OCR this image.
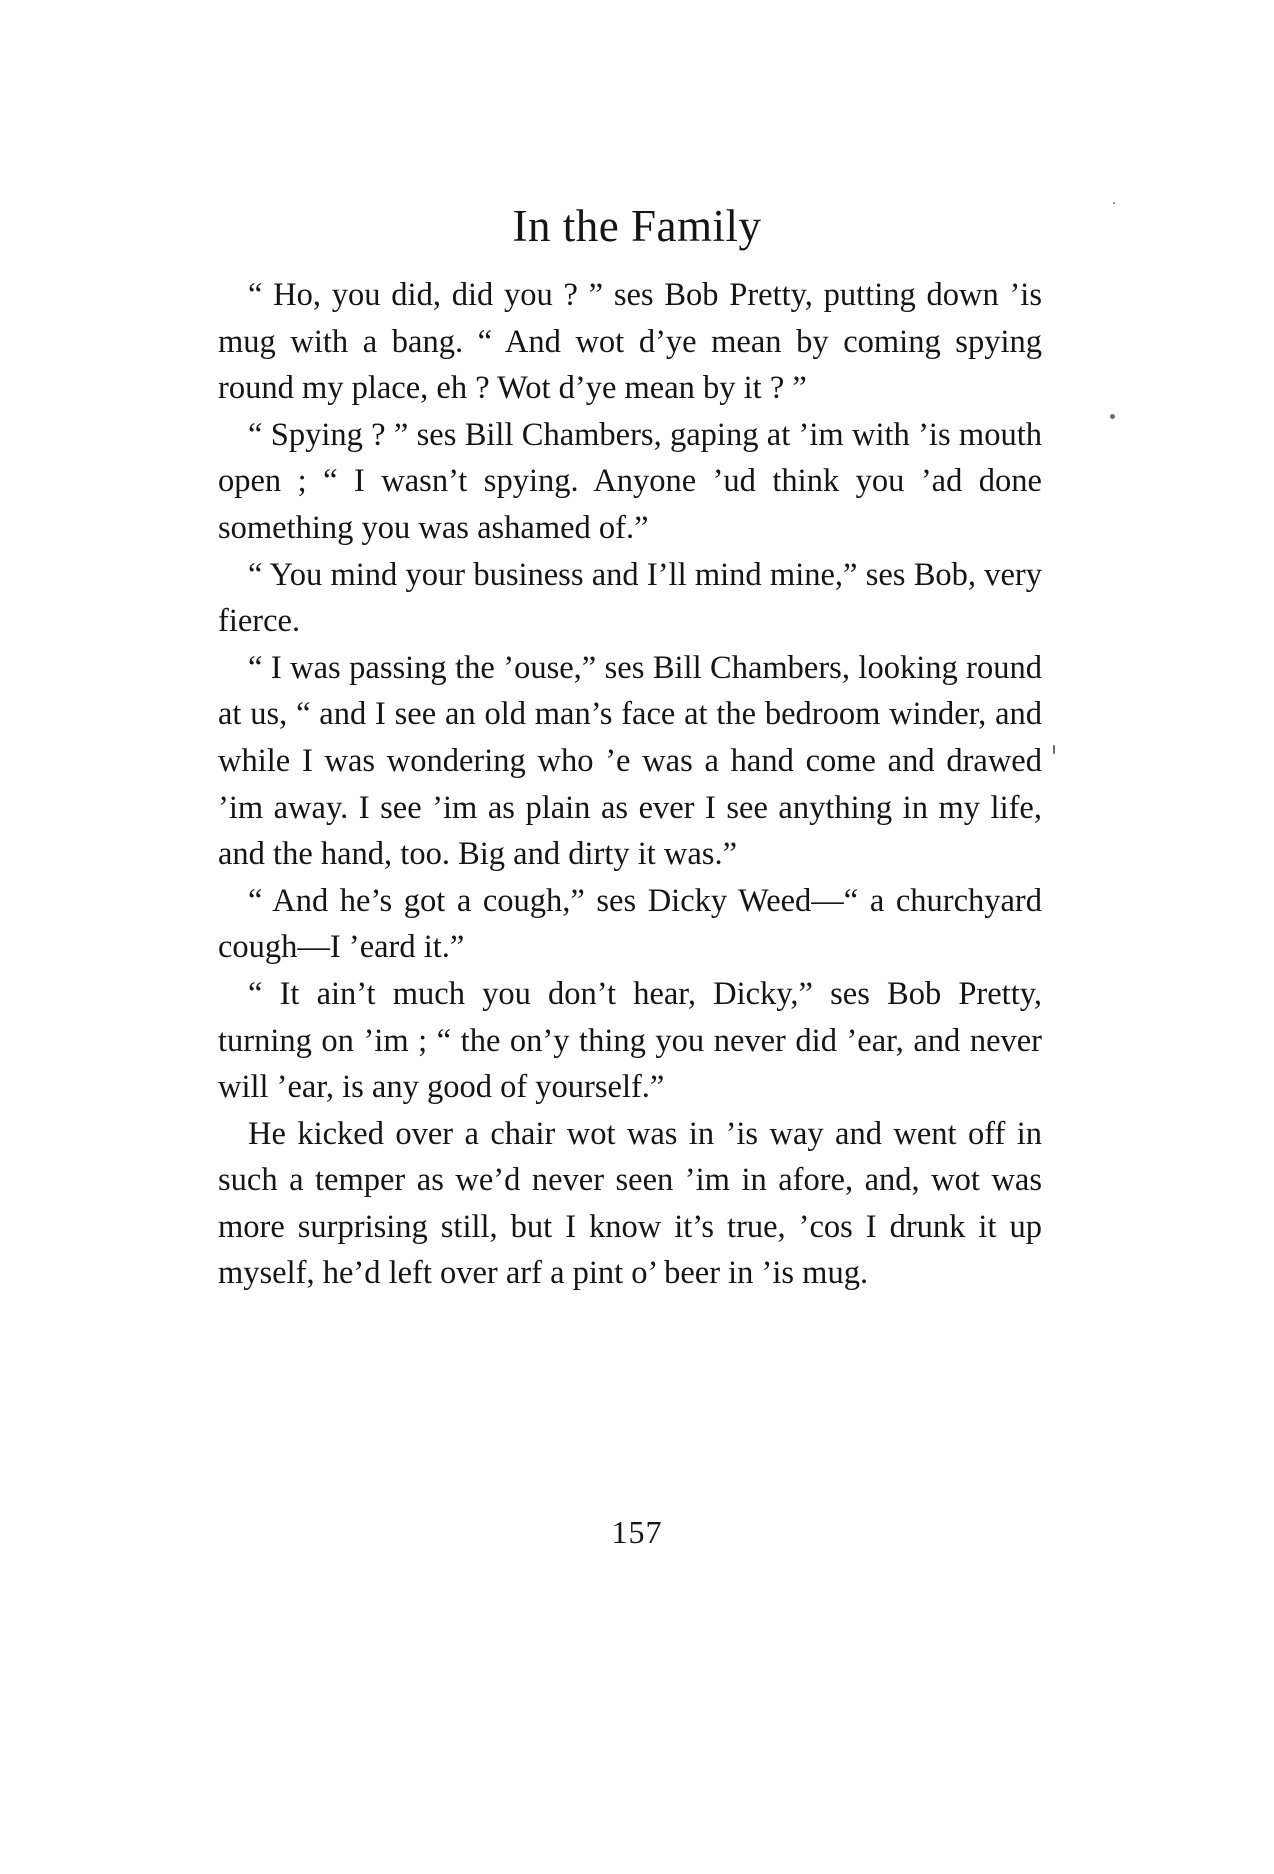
In the Family

“ Ho, you did, did you ? ” ses Bob Pretty, putting down ’is mug with a bang. “ And wot d’ye mean by coming spying round my place, eh ? Wot d’ye mean by it ? ”

“ Spying ? ” ses Bill Chambers, gaping at ’im with ’is mouth open ; “ I wasn’t spying. Anyone ’ud think you ’ad done something you was ashamed of.”

“ You mind your business and I’ll mind mine,” ses Bob, very fierce.

“ I was passing the ’ouse,” ses Bill Chambers, looking round at us, “ and I see an old man’s face at the bedroom winder, and while I was wondering who ’e was a hand come and drawed ’im away. I see ’im as plain as ever I see anything in my life, and the hand, too. Big and dirty it was.”

“ And he’s got a cough,” ses Dicky Weed—“ a churchyard cough—I ’eard it.”

“ It ain’t much you don’t hear, Dicky,” ses Bob Pretty, turning on ’im ; “ the on’y thing you never did ’ear, and never will ’ear, is any good of yourself.”

He kicked over a chair wot was in ’is way and went off in such a temper as we’d never seen ’im in afore, and, wot was more surprising still, but I know it’s true, ’cos I drunk it up myself, he’d left over arf a pint o’ beer in ’is mug.

157
